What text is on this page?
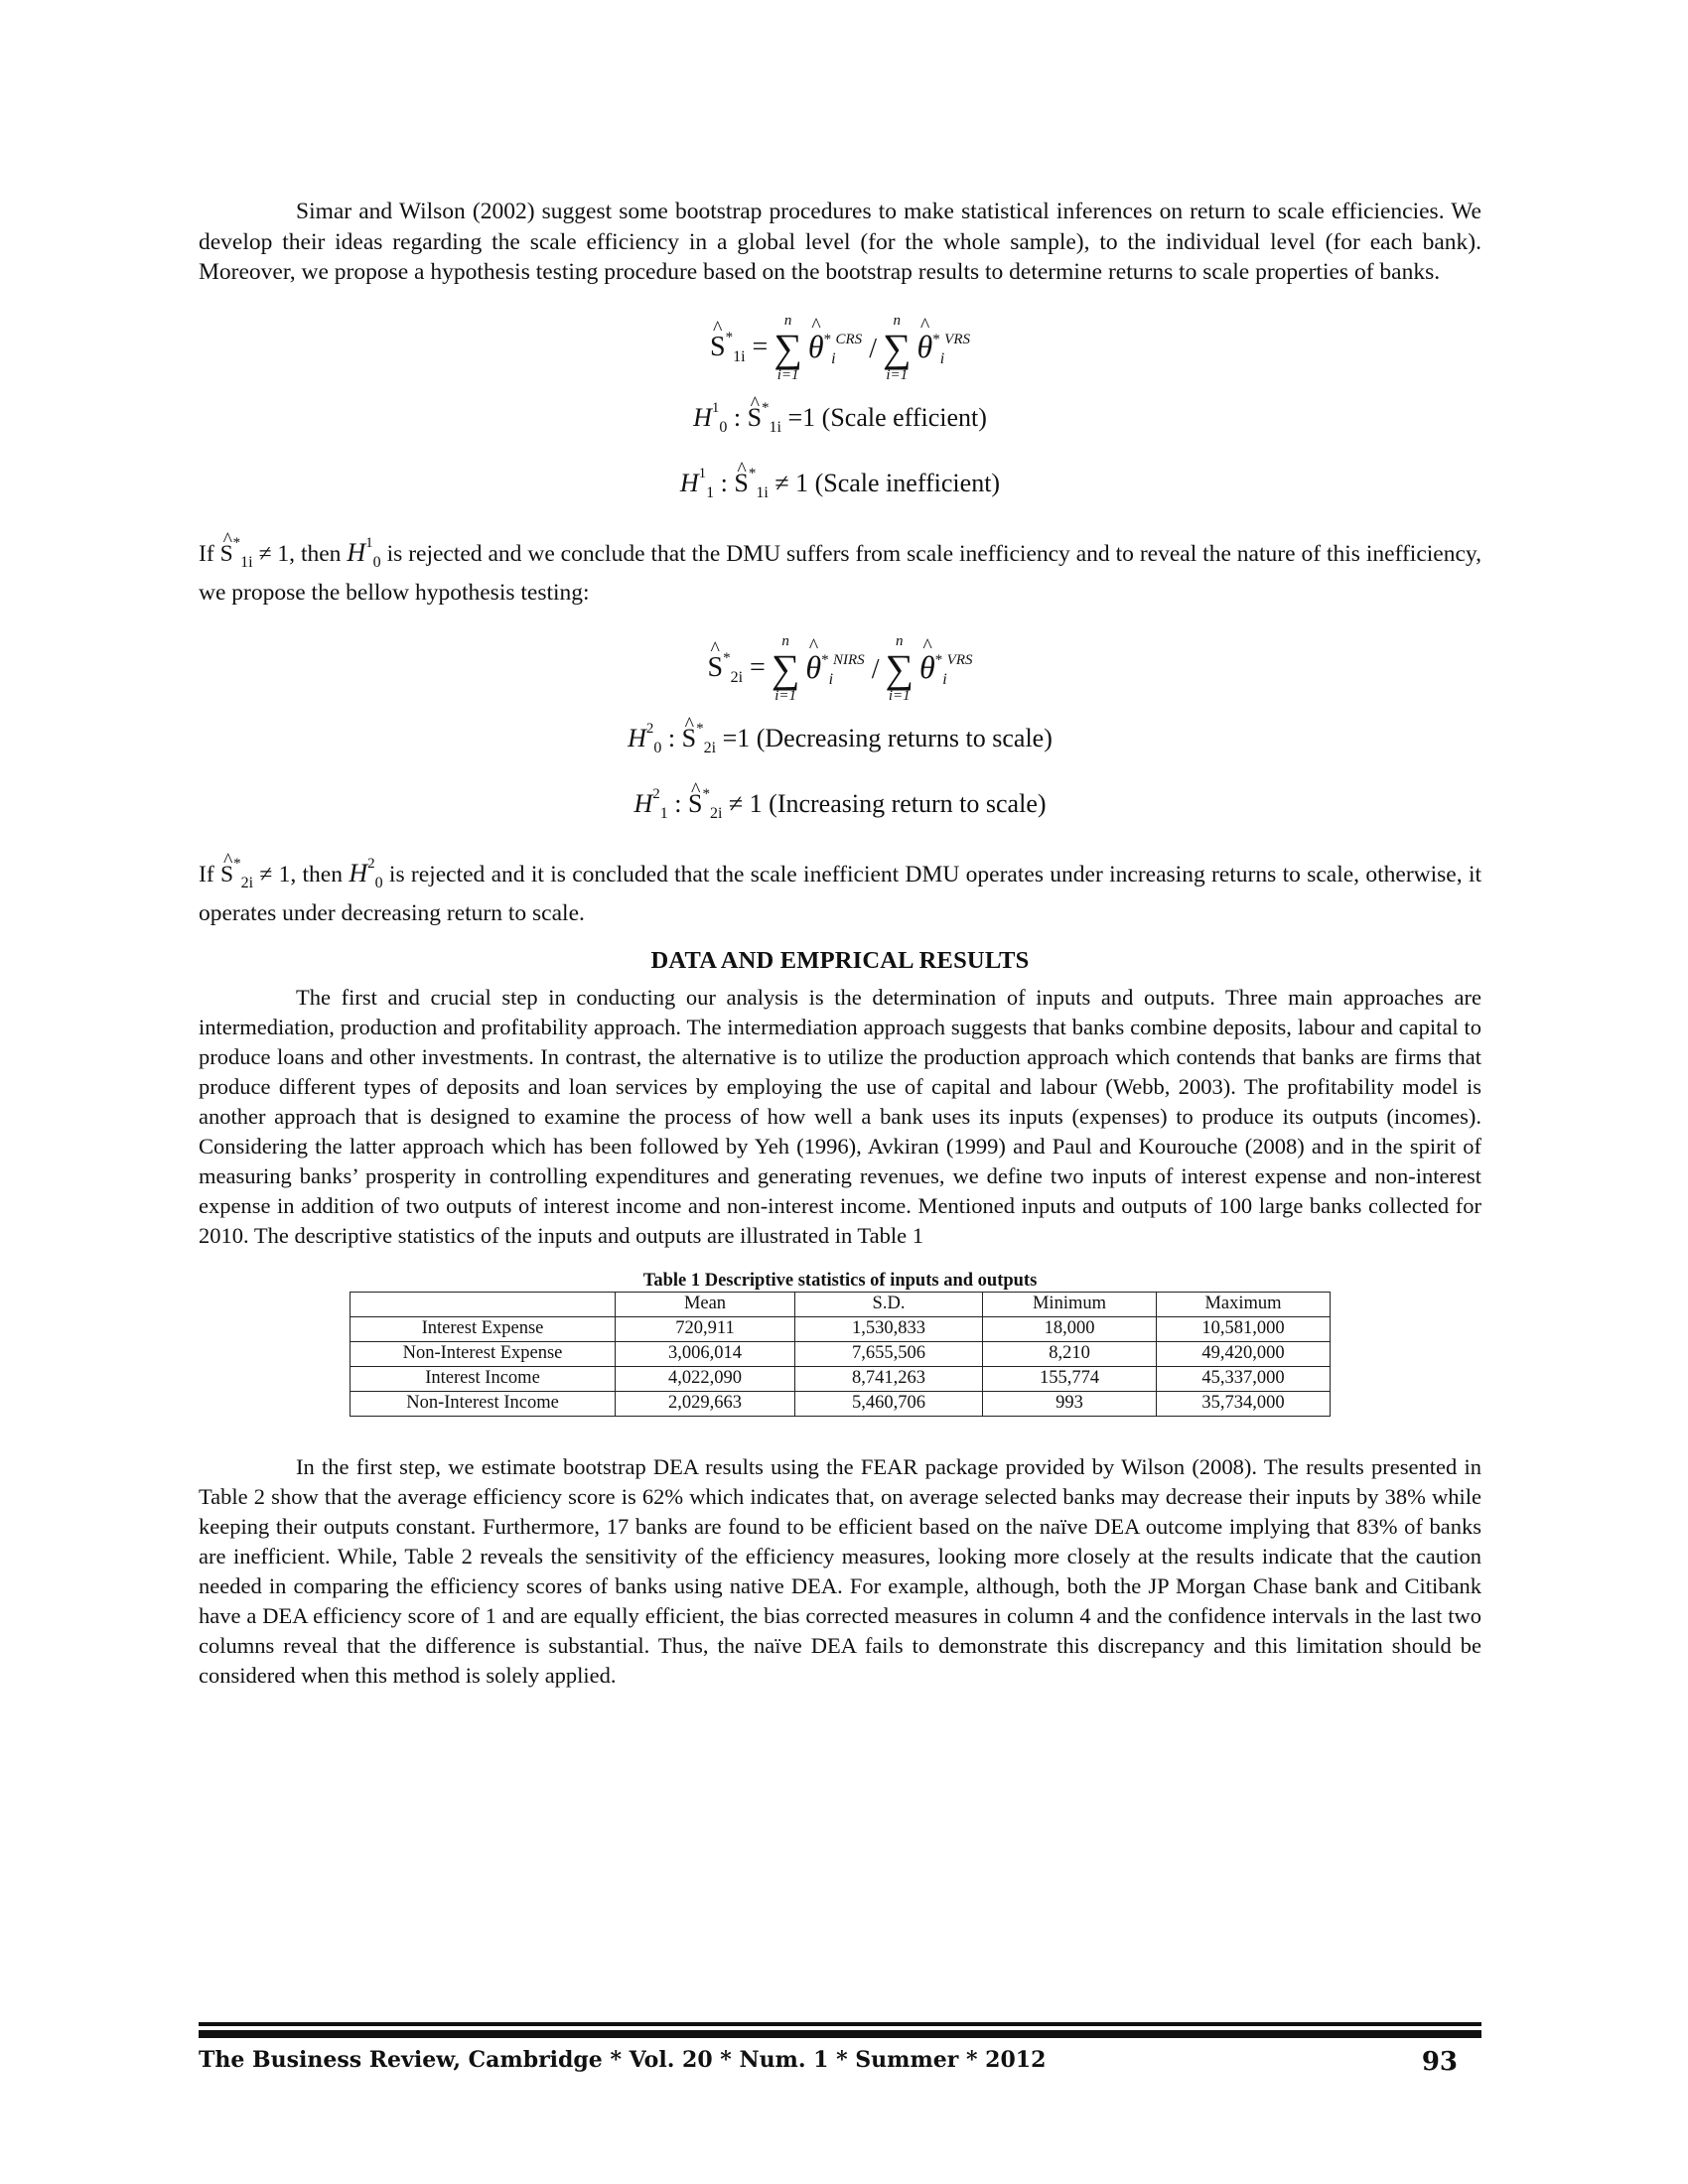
Simar and Wilson (2002) suggest some bootstrap procedures to make statistical inferences on return to scale efficiencies. We develop their ideas regarding the scale efficiency in a global level (for the whole sample), to the individual level (for each bank). Moreover, we propose a hypothesis testing procedure based on the bootstrap results to determine returns to scale properties of banks.

^ $S^*_{1i}$ =
n
∑
i=1
^ $\theta^*_i^{CRS}$ /
n
∑
i=1
^ $\theta^*_i^{VRS}$
$H^1_0$ : ^ $S^*_{1i} =1$ (Scale efficient)
$H^1_1$ : ^ $S^*_{1i} \ne 1$ (Scale inefficient)

If ^ $S^*_{1i} \ne 1$, then $H^1_0$ is rejected and we conclude that the DMU suffers from scale inefficiency and to reveal the nature of this inefficiency, we propose the bellow hypothesis testing:

^ $S^*_{2i}$ =
n
∑
i=1
^ $\theta^*_i^{NIRS}$ /
n
∑
i=1
^ $\theta^*_i^{VRS}$
$H^2_0$ : ^ $S^*_{2i} =1$ (Decreasing returns to scale)
$H^2_1$ : ^ $S^*_{2i} \ne 1$ (Increasing return to scale)

If ^ $S^*_{2i} \ne 1$, then $H^2_0$ is rejected and it is concluded that the scale inefficient DMU operates under increasing returns to scale, otherwise, it operates under decreasing return to scale.

DATA AND EMPRICAL RESULTS

The first and crucial step in conducting our analysis is the determination of inputs and outputs. Three main approaches are intermediation, production and profitability approach. The intermediation approach suggests that banks combine deposits, labour and capital to produce loans and other investments. In contrast, the alternative is to utilize the production approach which contends that banks are firms that produce different types of deposits and loan services by employing the use of capital and labour (Webb, 2003). The profitability model is another approach that is designed to examine the process of how well a bank uses its inputs (expenses) to produce its outputs (incomes). Considering the latter approach which has been followed by Yeh (1996), Avkiran (1999) and Paul and Kourouche (2008) and in the spirit of measuring banks’ prosperity in controlling expenditures and generating revenues, we define two inputs of interest expense and non-interest expense in addition of two outputs of interest income and non-interest income. Mentioned inputs and outputs of 100 large banks collected for 2010. The descriptive statistics of the inputs and outputs are illustrated in Table 1

Table 1 Descriptive statistics of inputs and outputs

	Mean	S.D.	Minimum	Maximum
Interest Expense	720,911	1,530,833	18,000	10,581,000
Non-Interest Expense	3,006,014	7,655,506	8,210	49,420,000
Interest Income	4,022,090	8,741,263	155,774	45,337,000
Non-Interest Income	2,029,663	5,460,706	993	35,734,000

In the first step, we estimate bootstrap DEA results using the FEAR package provided by Wilson (2008). The results presented in Table 2 show that the average efficiency score is 62% which indicates that, on average selected banks may decrease their inputs by 38% while keeping their outputs constant. Furthermore, 17 banks are found to be efficient based on the naïve DEA outcome implying that 83% of banks are inefficient. While, Table 2 reveals the sensitivity of the efficiency measures, looking more closely at the results indicate that the caution needed in comparing the efficiency scores of banks using native DEA. For example, although, both the JP Morgan Chase bank and Citibank have a DEA efficiency score of 1 and are equally efficient, the bias corrected measures in column 4 and the confidence intervals in the last two columns reveal that the difference is substantial. Thus, the naïve DEA fails to demonstrate this discrepancy and this limitation should be considered when this method is solely applied.

The Business Review, Cambridge * Vol. 20 * Num. 1 * Summer * 2012	93
